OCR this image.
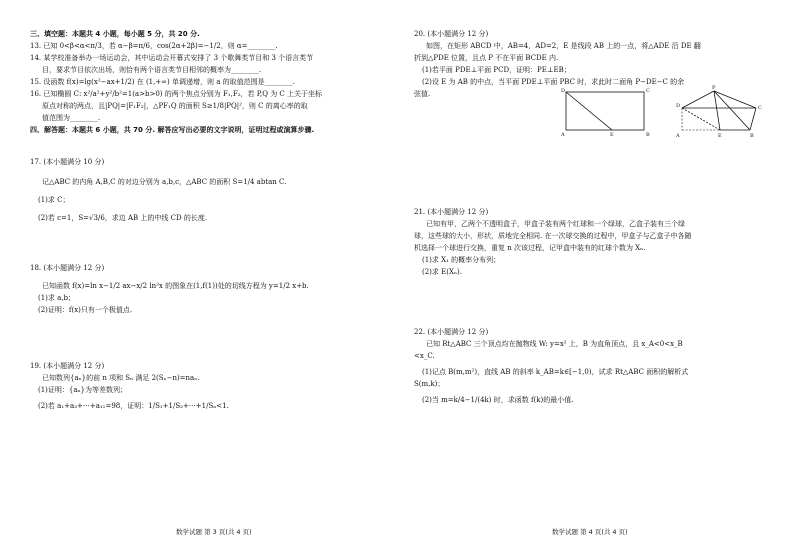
三、填空题：本题共 4 小题，每小题 5 分，共 20 分.
13. 已知 0<β<α<π/3，若 α−β=π/6，cos(2α+2β)=−1/2，则 α=________.
14. 某学校准备举办一场运动会，其中运动会开幕式安排了 3 个歌舞类节目和 3 个语言类节
目，要求节目依次出场，则恰有两个语言类节目相邻的概率为________.
15. 设函数 f(x)=lg(x²−ax+1/2) 在 (1,+∞) 单调递增，则 a 的取值范围是________.
16. 已知椭圆 C: x²/a²+y²/b²=1(a>b>0) 的两个焦点分别为 F₁,F₂，若 P,Q 为 C 上关于坐标
原点对称的两点，且|PQ|=|F₁F₂|，△PF₁Q 的面积 S≥1/8|PQ|²，则 C 的离心率的取
值范围为________.
四、解答题：本题共 6 小题，共 70 分. 解答应写出必要的文字说明，证明过程或演算步骤.
17. (本小题满分 10 分)
记△ABC 的内角 A,B,C 的对边分别为 a,b,c，△ABC 的面积 S=1/4 abtan C.
(1)求 C；
(2)若 c=1，S=√3/6，求边 AB 上的中线 CD 的长度.
18. (本小题满分 12 分)
已知函数 f(x)=ln x−1/2 ax−x/2 ln²x 的图象在(1,f(1))处的切线方程为 y=1/2 x+b.
(1)求 a,b；
(2)证明：f(x)只有一个极值点.
19. (本小题满分 12 分)
已知数列{aₙ}的前 n 项和 Sₙ 满足 2(Sₙ−n)=naₙ.
(1)证明：{aₙ}为等差数列；
(2)若 a₁+a₃+⋯+a₁₁=98，证明：1/S₁+1/S₂+⋯+1/Sₙ<1.
数学试题 第 3 页(共 4 页)
20. (本小题满分 12 分)
如图，在矩形 ABCD 中，AB=4，AD=2，E 是线段 AB 上的一点，将△ADE 沿 DE 翻
折到△PDE 位置，且点 P 不在平面 BCDE 内.
(1)若平面 PDE⊥平面 PCD，证明：PE⊥EB；
(2)设 E 为 AB 的中点，当平面 PDE⊥平面 PBC 时，求此时二面角 P−DE−C 的余
弦值.
21. (本小题满分 12 分)
已知有甲，乙两个不透明盒子，甲盒子装有两个红球和一个绿球，乙盒子装有三个绿
球，这些球的大小，形状，质地完全相同. 在一次球交换的过程中，甲盒子与乙盒子中各随
机选择一个球进行交换，重复 n 次该过程，记甲盒中装有的红球个数为 Xₙ.
(1)求 X₁ 的概率分布列；
(2)求 E(Xₙ).
22. (本小题满分 12 分)
已知 Rt△ABC 三个顶点均在抛物线 W: y=x² 上，B 为直角顶点，且 x_A<0<x_B
<x_C.
(1)记点 B(m,m²)，直线 AB 的斜率 k_AB=k∈[−1,0)，试求 Rt△ABC 面积的解析式
S(m,k)；
(2)当 m=k/4−1/(4k) 时，求函数 f(k)的最小值.
D	C
A	E	B
P
D	C
A	E	B
数学试题 第 4 页(共 4 页)
